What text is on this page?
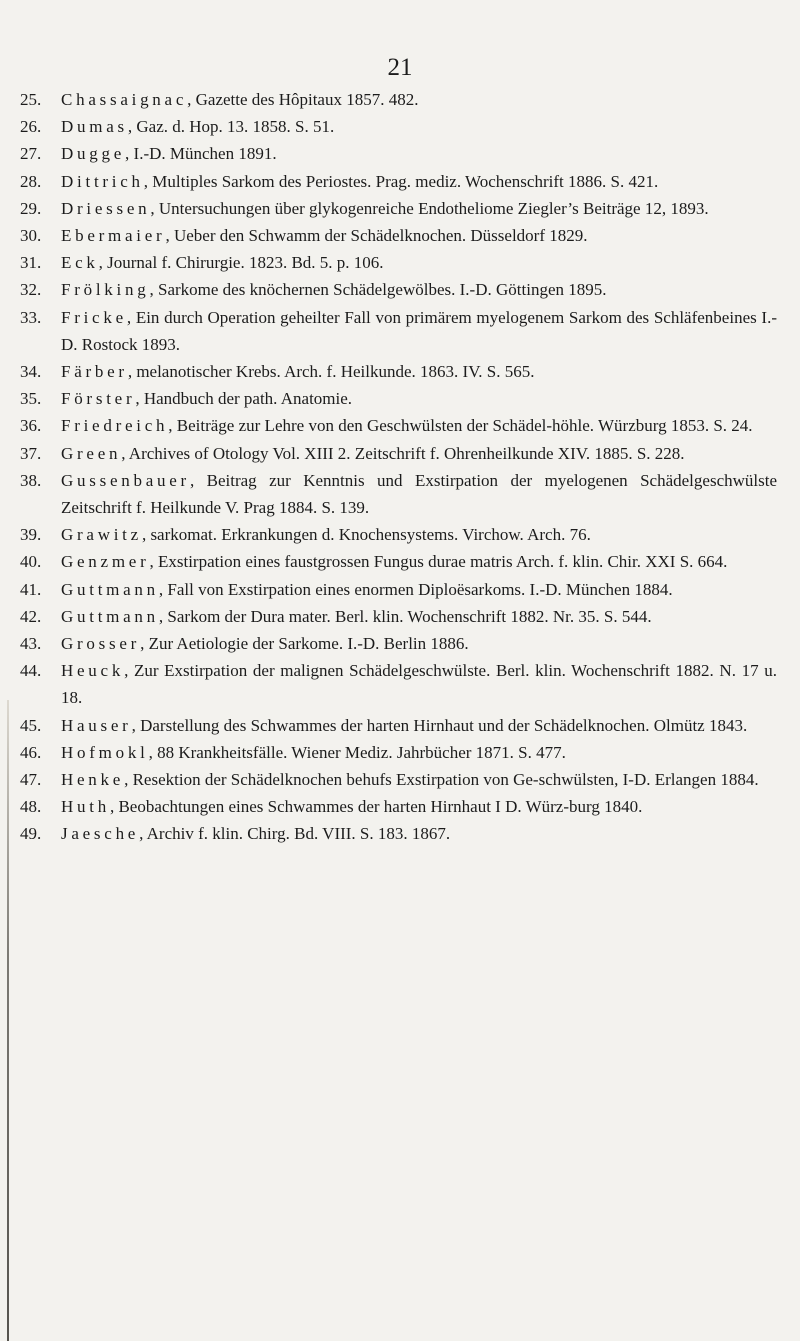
21
25. Chassaignac, Gazette des Hôpitaux 1857. 482.
26. Dumas, Gaz. d. Hop. 13. 1858. S. 51.
27. Dugge, I.-D. München 1891.
28. Dittrich, Multiples Sarkom des Periostes. Prag. mediz. Wochenschrift 1886. S. 421.
29. Driessen, Untersuchungen über glykogenreiche Endotheliome Ziegler’s Beiträge 12, 1893.
30. Ebermaier, Ueber den Schwamm der Schädelknochen. Düsseldorf 1829.
31. Eck, Journal f. Chirurgie. 1823. Bd. 5. p. 106.
32. Frölking, Sarkome des knöchernen Schädelgewölbes. I.-D. Göttingen 1895.
33. Fricke, Ein durch Operation geheilter Fall von primärem myelogenem Sarkom des Schläfenbeines I.-D. Rostock 1893.
34. Färber, melanotischer Krebs. Arch. f. Heilkunde. 1863. IV. S. 565.
35. Förster, Handbuch der path. Anatomie.
36. Friedreich, Beiträge zur Lehre von den Geschwülsten der Schädel-höhle. Würzburg 1853. S. 24.
37. Green, Archives of Otology Vol. XIII 2. Zeitschrift f. Ohrenheilkunde XIV. 1885. S. 228.
38. Gussenbauer, Beitrag zur Kenntnis und Exstirpation der myelogenen Schädelgeschwülste Zeitschrift f. Heilkunde V. Prag 1884. S. 139.
39. Grawitz, sarkomat. Erkrankungen d. Knochensystems. Virchow. Arch. 76.
40. Genzmer, Exstirpation eines faustgrossen Fungus durae matris Arch. f. klin. Chir. XXI S. 664.
41. Guttmann, Fall von Exstirpation eines enormen Diploësarkoms. I.-D. München 1884.
42. Guttmann, Sarkom der Dura mater. Berl. klin. Wochenschrift 1882. Nr. 35. S. 544.
43. Grosser, Zur Aetiologie der Sarkome. I.-D. Berlin 1886.
44. Heuck, Zur Exstirpation der malignen Schädelgeschwülste. Berl. klin. Wochenschrift 1882. N. 17 u. 18.
45. Hauser, Darstellung des Schwammes der harten Hirnhaut und der Schädelknochen. Olmütz 1843.
46. Hofmokl, 88 Krankheitsfälle. Wiener Mediz. Jahrbücher 1871. S. 477.
47. Henke, Resektion der Schädelknochen behufs Exstirpation von Ge-schwülsten, I-D. Erlangen 1884.
48. Huth, Beobachtungen eines Schwammes der harten Hirnhaut I D. Würz-burg 1840.
49. Jaesche, Archiv f. klin. Chirg. Bd. VIII. S. 183. 1867.
